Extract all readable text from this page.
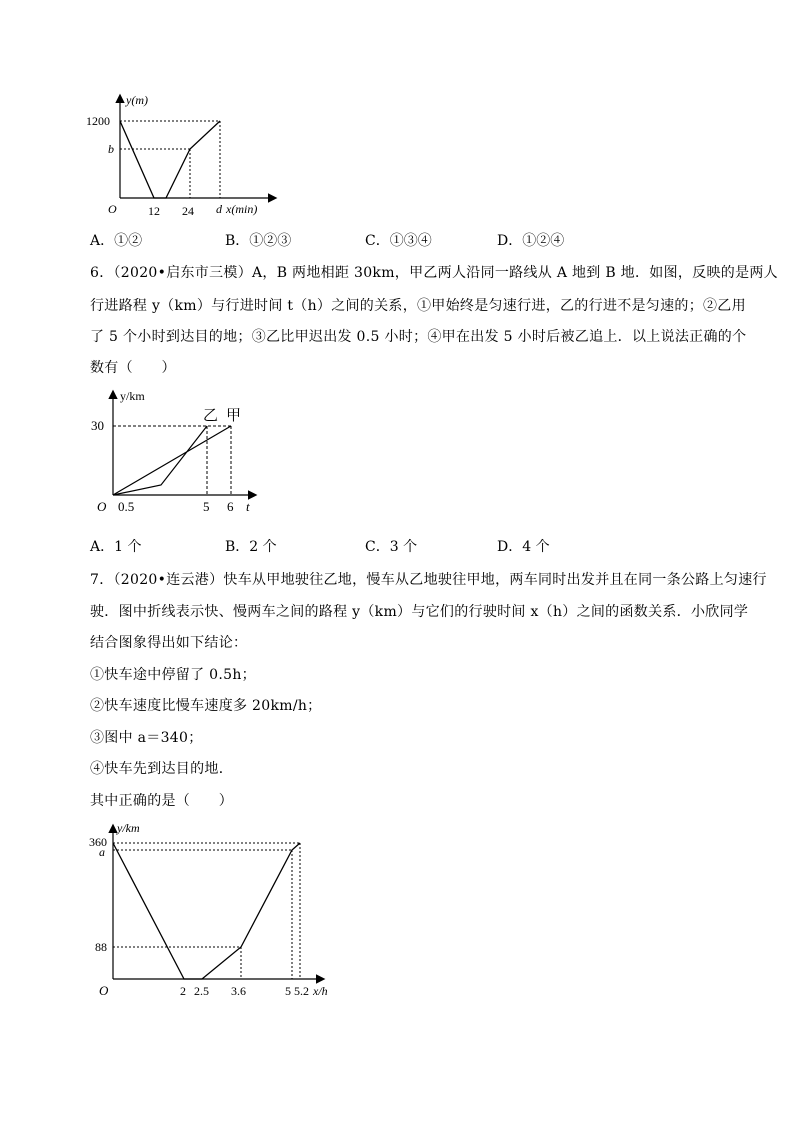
y(m)
1200
b
O	12 24 d x(min)
A．①②	B．①②③	C．①③④	D．①②④
6．（2020•启东市三模）A，B 两地相距 30km，甲乙两人沿同一路线从 A 地到 B 地．如图，反映的是两人
行进路程 y（km）与行进时间 t（h）之间的关系，①甲始终是匀速行进，乙的行进不是匀速的；②乙用
了 5 个小时到达目的地；③乙比甲迟出发 0.5 小时；④甲在出发 5 小时后被乙追上．以上说法正确的个
数有（　　）
y/km
30
O 0.5	5 6 t
乙 甲
A．1 个	B．2 个	C．3 个	D．4 个
7．（2020•连云港）快车从甲地驶往乙地，慢车从乙地驶往甲地，两车同时出发并且在同一条公路上匀速行
驶．图中折线表示快、慢两车之间的路程 y（km）与它们的行驶时间 x（h）之间的函数关系．小欣同学
结合图象得出如下结论：
①快车途中停留了 0.5h；
②快车速度比慢车速度多 20km/h；
③图中 a＝340；
④快车先到达目的地．
其中正确的是（　　）
y/km
360
a
88
O	2 2.5 3.6	5 5.2 x/h
